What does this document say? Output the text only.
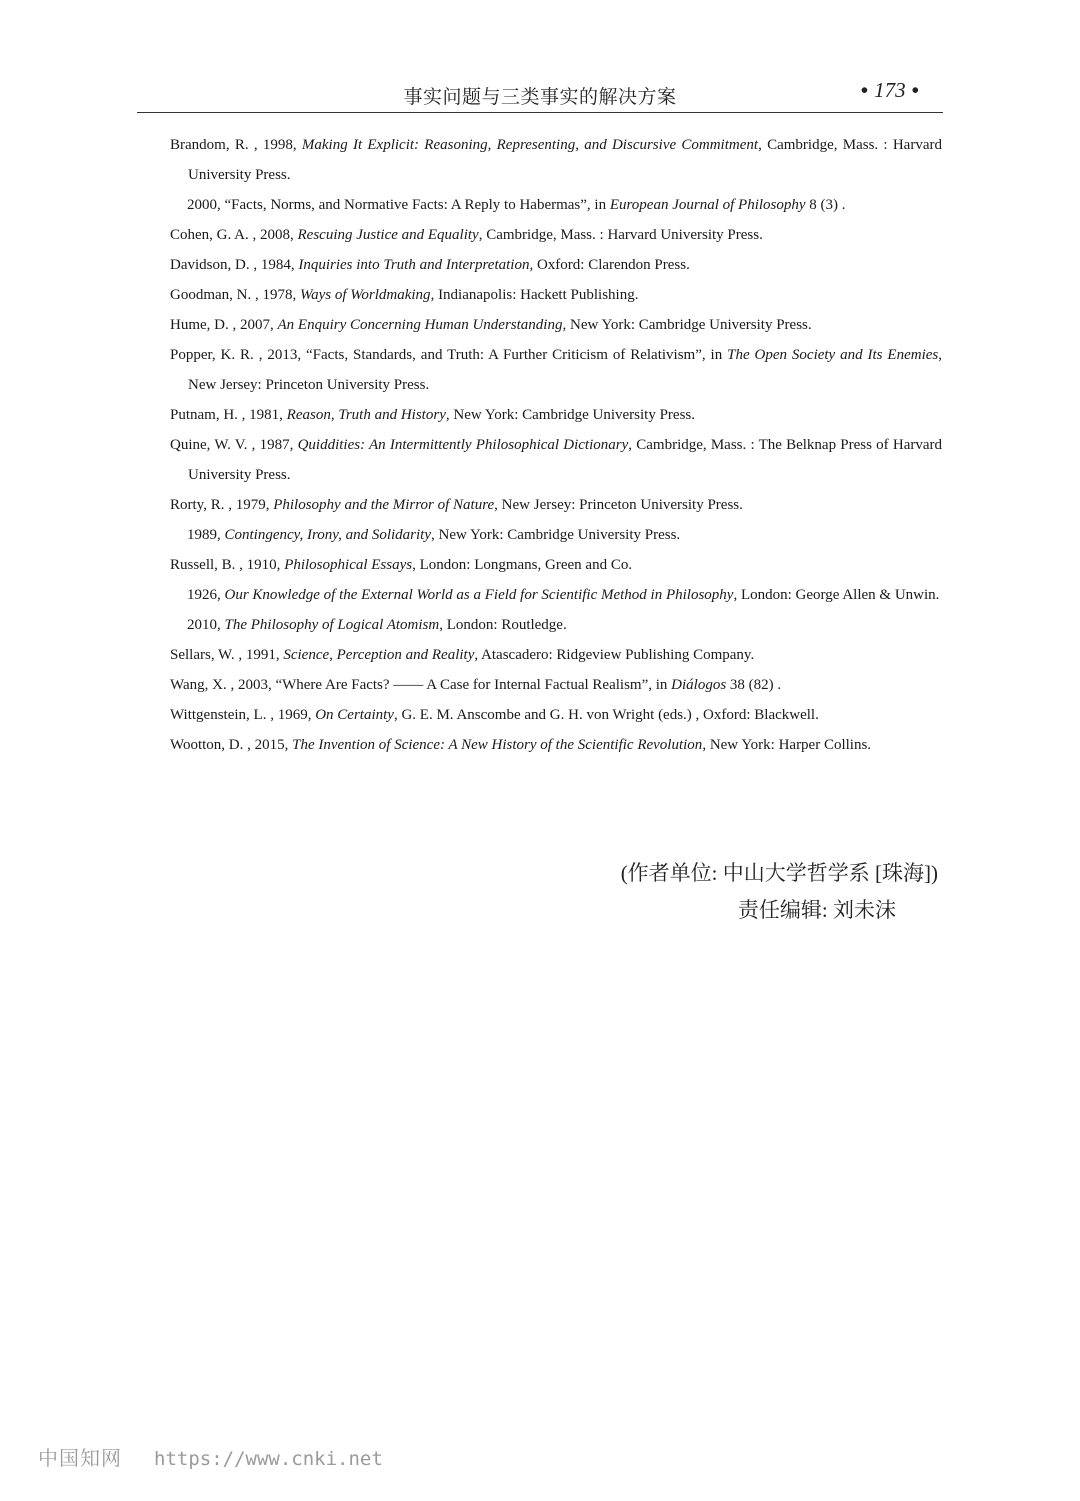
事实问题与三类事实的解决方案	• 173 •
Brandom, R. , 1998, Making It Explicit: Reasoning, Representing, and Discursive Commitment, Cambridge, Mass. : Harvard University Press.
2000, “Facts, Norms, and Normative Facts: A Reply to Habermas”, in European Journal of Philosophy 8 (3) .
Cohen, G. A. , 2008, Rescuing Justice and Equality, Cambridge, Mass. : Harvard University Press.
Davidson, D. , 1984, Inquiries into Truth and Interpretation, Oxford: Clarendon Press.
Goodman, N. , 1978, Ways of Worldmaking, Indianapolis: Hackett Publishing.
Hume, D. , 2007, An Enquiry Concerning Human Understanding, New York: Cambridge University Press.
Popper, K. R. , 2013, “Facts, Standards, and Truth: A Further Criticism of Relativism”, in The Open Society and Its Enemies, New Jersey: Princeton University Press.
Putnam, H. , 1981, Reason, Truth and History, New York: Cambridge University Press.
Quine, W. V. , 1987, Quiddities: An Intermittently Philosophical Dictionary, Cambridge, Mass. : The Belknap Press of Harvard University Press.
Rorty, R. , 1979, Philosophy and the Mirror of Nature, New Jersey: Princeton University Press.
1989, Contingency, Irony, and Solidarity, New York: Cambridge University Press.
Russell, B. , 1910, Philosophical Essays, London: Longmans, Green and Co.
1926, Our Knowledge of the External World as a Field for Scientific Method in Philosophy, London: George Allen & Unwin.
2010, The Philosophy of Logical Atomism, London: Routledge.
Sellars, W. , 1991, Science, Perception and Reality, Atascadero: Ridgeview Publishing Company.
Wang, X. , 2003, “Where Are Facts? —— A Case for Internal Factual Realism”, in Diálogos 38 (82) .
Wittgenstein, L. , 1969, On Certainty, G. E. M. Anscombe and G. H. von Wright (eds.) , Oxford: Blackwell.
Wootton, D. , 2015, The Invention of Science: A New History of the Scientific Revolution, New York: Harper Collins.
(作者单位: 中山大学哲学系 [珠海])
责任编辑: 刘未沫
中国知网 https://www.cnki.net
